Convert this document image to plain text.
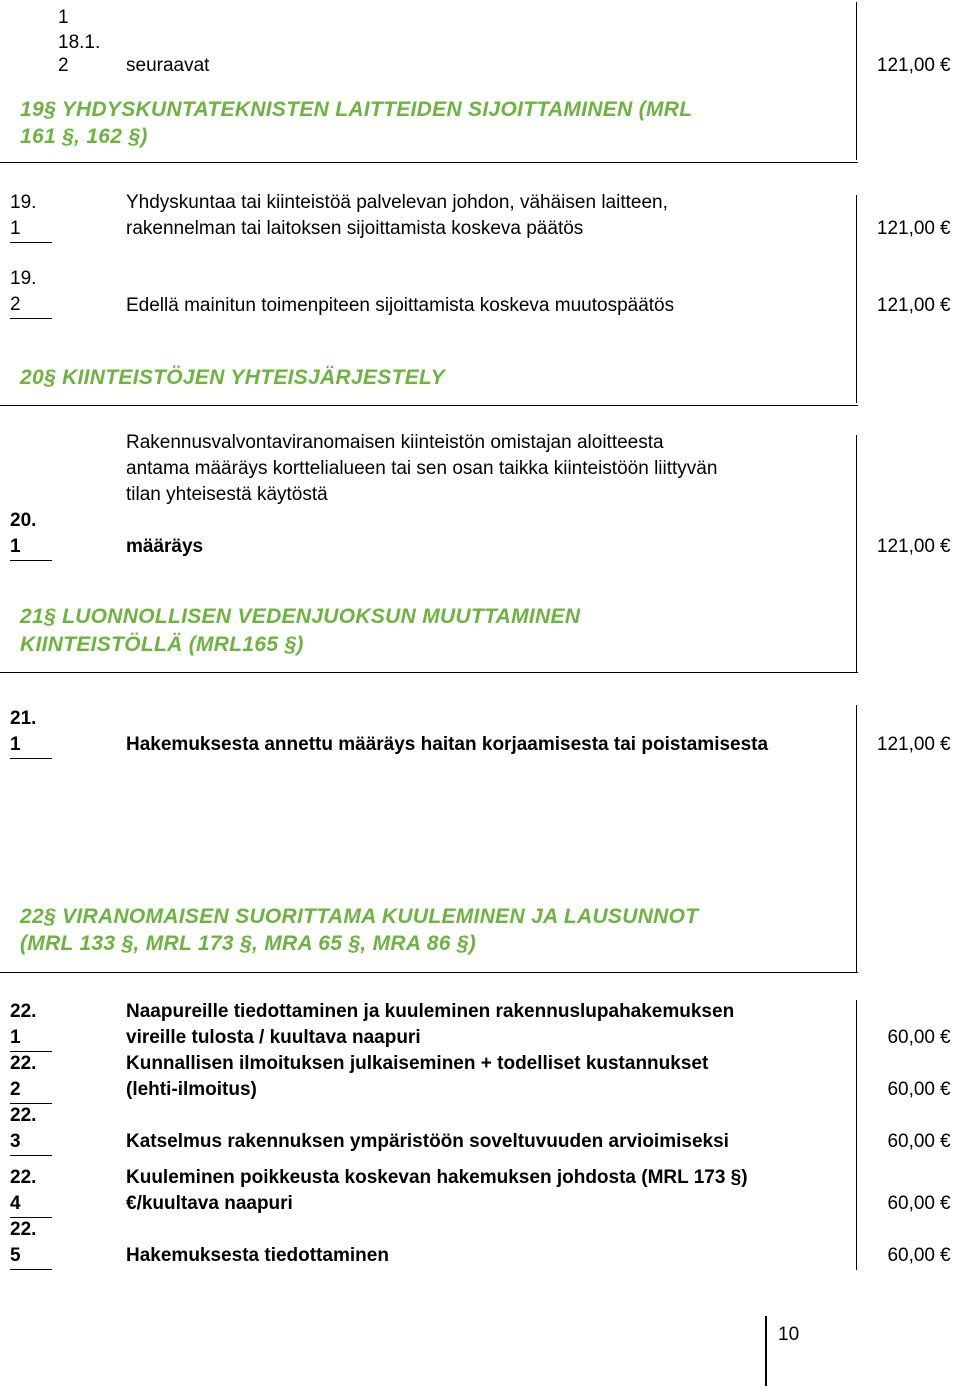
1
18.1.
2	seuraavat	121,00 €
19§ YHDYSKUNTATEKNISTEN LAITTEIDEN SIJOITTAMINEN (MRL
161 §, 162 §)
19.
1
Yhdyskuntaa tai kiinteistöä palvelevan johdon, vähäisen laitteen,
rakennelman tai laitoksen sijoittamista koskeva päätös	121,00 €
19.
2	Edellä mainitun toimenpiteen sijoittamista koskeva muutospäätös	121,00 €
20§ KIINTEISTÖJEN YHTEISJÄRJESTELY
Rakennusvalvontaviranomaisen kiinteistön omistajan aloitteesta
antama määräys korttelialueen tai sen osan taikka kiinteistöön liittyvän
tilan yhteisestä käytöstä
20.
1	määräys	121,00 €
21§ LUONNOLLISEN VEDENJUOKSUN MUUTTAMINEN
KIINTEISTÖLLÄ (MRL165 §)
21.
1	Hakemuksesta annettu määräys haitan korjaamisesta tai poistamisesta	121,00 €
22§ VIRANOMAISEN SUORITTAMA KUULEMINEN JA LAUSUNNOT
(MRL 133 §, MRL 173 §, MRA 65 §, MRA 86 §)
22.
1
Naapureille tiedottaminen ja kuuleminen rakennuslupahakemuksen
vireille tulosta / kuultava naapuri	60,00 €
22.
2
Kunnallisen ilmoituksen julkaiseminen + todelliset kustannukset
(lehti-ilmoitus)	60,00 €
22.
3	Katselmus rakennuksen ympäristöön soveltuvuuden arvioimiseksi	60,00 €
22.
4
Kuuleminen poikkeusta koskevan hakemuksen johdosta (MRL 173 §)
€/kuultava naapuri	60,00 €
22.
5	Hakemuksesta tiedottaminen	60,00 €
10
